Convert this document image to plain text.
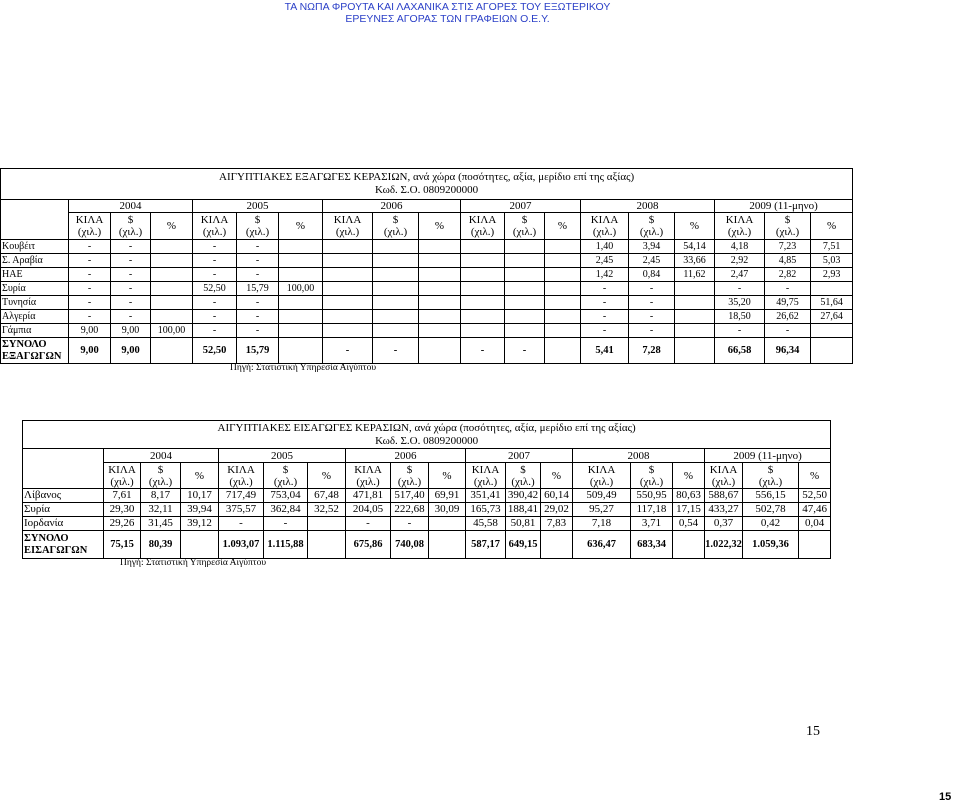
ΤΑ ΝΩΠΑ ΦΡΟΥΤΑ ΚΑΙ ΛΑΧΑΝΙΚΑ ΣΤΙΣ ΑΓΟΡΕΣ ΤΟΥ ΕΞΩΤΕΡΙΚΟΥ
ΕΡΕΥΝΕΣ ΑΓΟΡΑΣ ΤΩΝ ΓΡΑΦΕΙΩΝ Ο.Ε.Υ.
ΑΙΓΥΠΤΙΑΚΕΣ ΕΞΑΓΩΓΕΣ ΚΕΡΑΣΙΩΝ, ανά χώρα (ποσότητες, αξία, μερίδιο επί της αξίας)
Κωδ. Σ.Ο. 0809200000																		

	2004			2005			2006			2007			2008			2009 (11-μηνο)		

	ΚΙΛΑ
(χιλ.)	$
(χιλ.)	%	ΚΙΛΑ
(χιλ.)	$
(χιλ.)	%	ΚΙΛΑ
(χιλ.)	$
(χιλ.)	%	ΚΙΛΑ
(χιλ.)	$
(χιλ.)	%	ΚΙΛΑ
(χιλ.)	$
(χιλ.)	%	ΚΙΛΑ
(χιλ.)	$
(χιλ.)	%
Κουβέιτ	-	-		-	-								1,40	3,94	54,14	4,18	7,23	7,51
Σ. Αραβία	-	-		-	-								2,45	2,45	33,66	2,92	4,85	5,03
ΗΑΕ	-	-		-	-								1,42	0,84	11,62	2,47	2,82	2,93
Συρία	-	-		52,50	15,79	100,00							-	-		-	-	
Τυνησία	-	-		-	-								-	-		35,20	49,75	51,64
Αλγερία	-	-		-	-								-	-		18,50	26,62	27,64
Γάμπια	9,00	9,00	100,00	-	-								-	-		-	-	

ΣΥΝΟΛΟ
ΕΞΑΓΩΓΩΝ	9,00	9,00		52,50	15,79		-	-		-	-		5,41	7,28		66,58	96,34	
Πηγή: Στατιστική Υπηρεσία Αιγύπτου
ΑΙΓΥΠΤΙΑΚΕΣ ΕΙΣΑΓΩΓΕΣ ΚΕΡΑΣΙΩΝ, ανά χώρα (ποσότητες, αξία, μερίδιο επί της αξίας)
Κωδ. Σ.Ο. 0809200000																		

	2004			2005			2006			2007			2008			2009 (11-μηνο)		

	ΚΙΛΑ
(χιλ.)	$
(χιλ.)	%	ΚΙΛΑ
(χιλ.)	$
(χιλ.)	%	ΚΙΛΑ
(χιλ.)	$
(χιλ.)	%	ΚΙΛΑ
(χιλ.)	$
(χιλ.)	%	ΚΙΛΑ
(χιλ.)	$
(χιλ.)	%	ΚΙΛΑ
(χιλ.)	$
(χιλ.)	%
Λίβανος	7,61	8,17	10,17	717,49	753,04	67,48	471,81	517,40	69,91	351,41	390,42	60,14	509,49	550,95	80,63	588,67	556,15	52,50
Συρία	29,30	32,11	39,94	375,57	362,84	32,52	204,05	222,68	30,09	165,73	188,41	29,02	95,27	117,18	17,15	433,27	502,78	47,46
Ιορδανία	29,26	31,45	39,12	-	-		-	-		45,58	50,81	7,83	7,18	3,71	0,54	0,37	0,42	0,04

ΣΥΝΟΛΟ
ΕΙΣΑΓΩΓΩΝ	75,15	80,39		1.093,07	1.115,88		675,86	740,08		587,17	649,15		636,47	683,34		1.022,32	1.059,36	
Πηγή: Στατιστική Υπηρεσία Αιγύπτου
15
15
